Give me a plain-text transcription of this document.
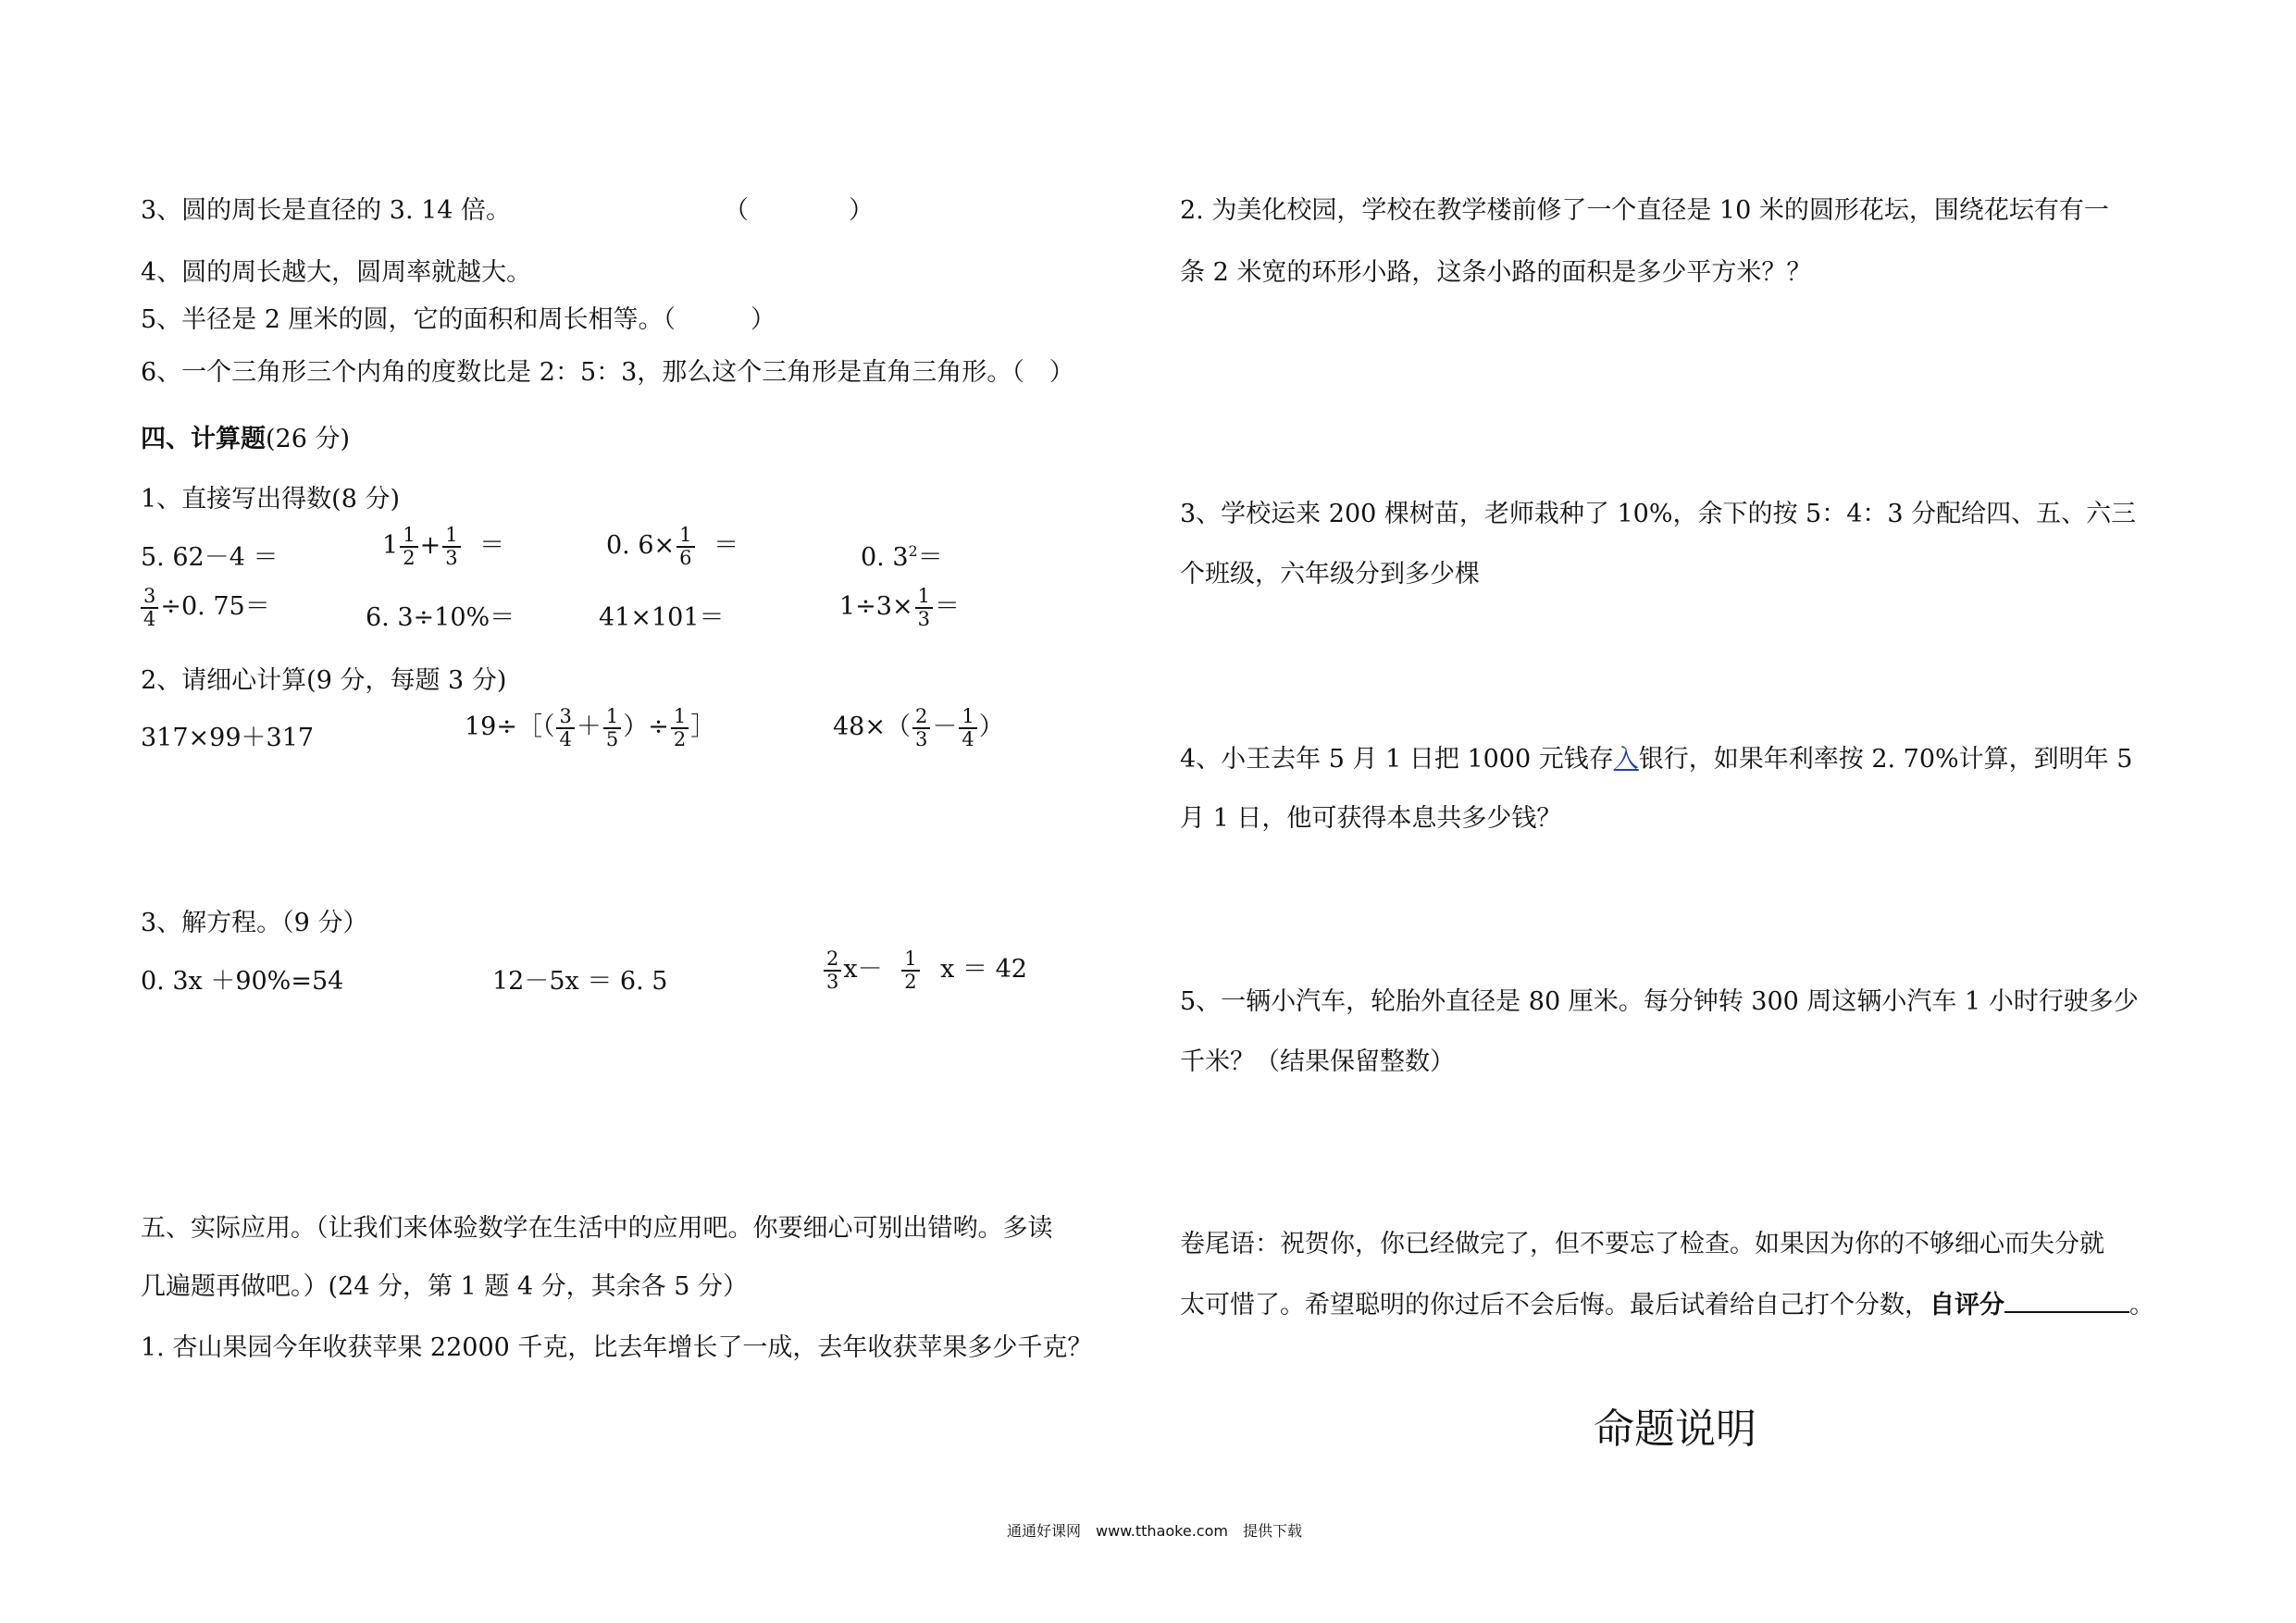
3、圆的周长是直径的 3. 14 倍。	（　　　　）
4、圆的周长越大，圆周率就越大。
5、半径是 2 厘米的圆，它的面积和周长相等。（　　　）
6、一个三角形三个内角的度数比是 2：5：3，那么这个三角形是直角三角形。（　）
四、计算题(26 分)
1、直接写出得数(8 分)
5. 62－4 ＝	$1 \frac{1}{2} + \frac{1}{3}$ ＝	0. $6\times \frac{1}{6}$ ＝	0. $3^2=$
$\frac{3}{4} \div 0$. 75＝	6. 3÷10%＝	41×101＝	$1\div 3\times \frac{1}{3}$ ＝
2、请细心计算(9 分，每题 3 分)
317×99＋317	19÷［（ $\frac{3}{4} + \frac{1}{5}$ ）÷ $\frac{1}{2}$ ］	$48\times( \frac{2}{3} - \frac{1}{4}$ ）
3、解方程。（9 分）
0. 3x ＋90%=54	12－5x ＝ 6. 5	$\frac{2}{3} x- \frac{1}{2}$ x ＝ 42
五、实际应用。（让我们来体验数学在生活中的应用吧。你要细心可别出错哟。多读
几遍题再做吧。）(24 分，第 1 题 4 分，其余各 5 分）
1. 杏山果园今年收获苹果 22000 千克，比去年增长了一成，去年收获苹果多少千克？
2. 为美化校园，学校在教学楼前修了一个直径是 10 米的圆形花坛，围绕花坛有有一
条 2 米宽的环形小路，这条小路的面积是多少平方米？？
3、学校运来 200 棵树苗，老师栽种了 10%，余下的按 5：4：3 分配给四、五、六三
个班级，六年级分到多少棵
4、小王去年 5 月 1 日把 1000 元钱存入银行，如果年利率按 2. 70%计算，到明年 5
月 1 日，他可获得本息共多少钱？
5、一辆小汽车，轮胎外直径是 80 厘米。每分钟转 300 周这辆小汽车 1 小时行驶多少
千米？（结果保留整数）
卷尾语：祝贺你，你已经做完了，但不要忘了检查。如果因为你的不够细心而失分就
太可惜了。希望聪明的你过后不会后悔。最后试着给自己打个分数，自评分	。
命题说明
通通好课网　www.tthaoke.com　提供下载
